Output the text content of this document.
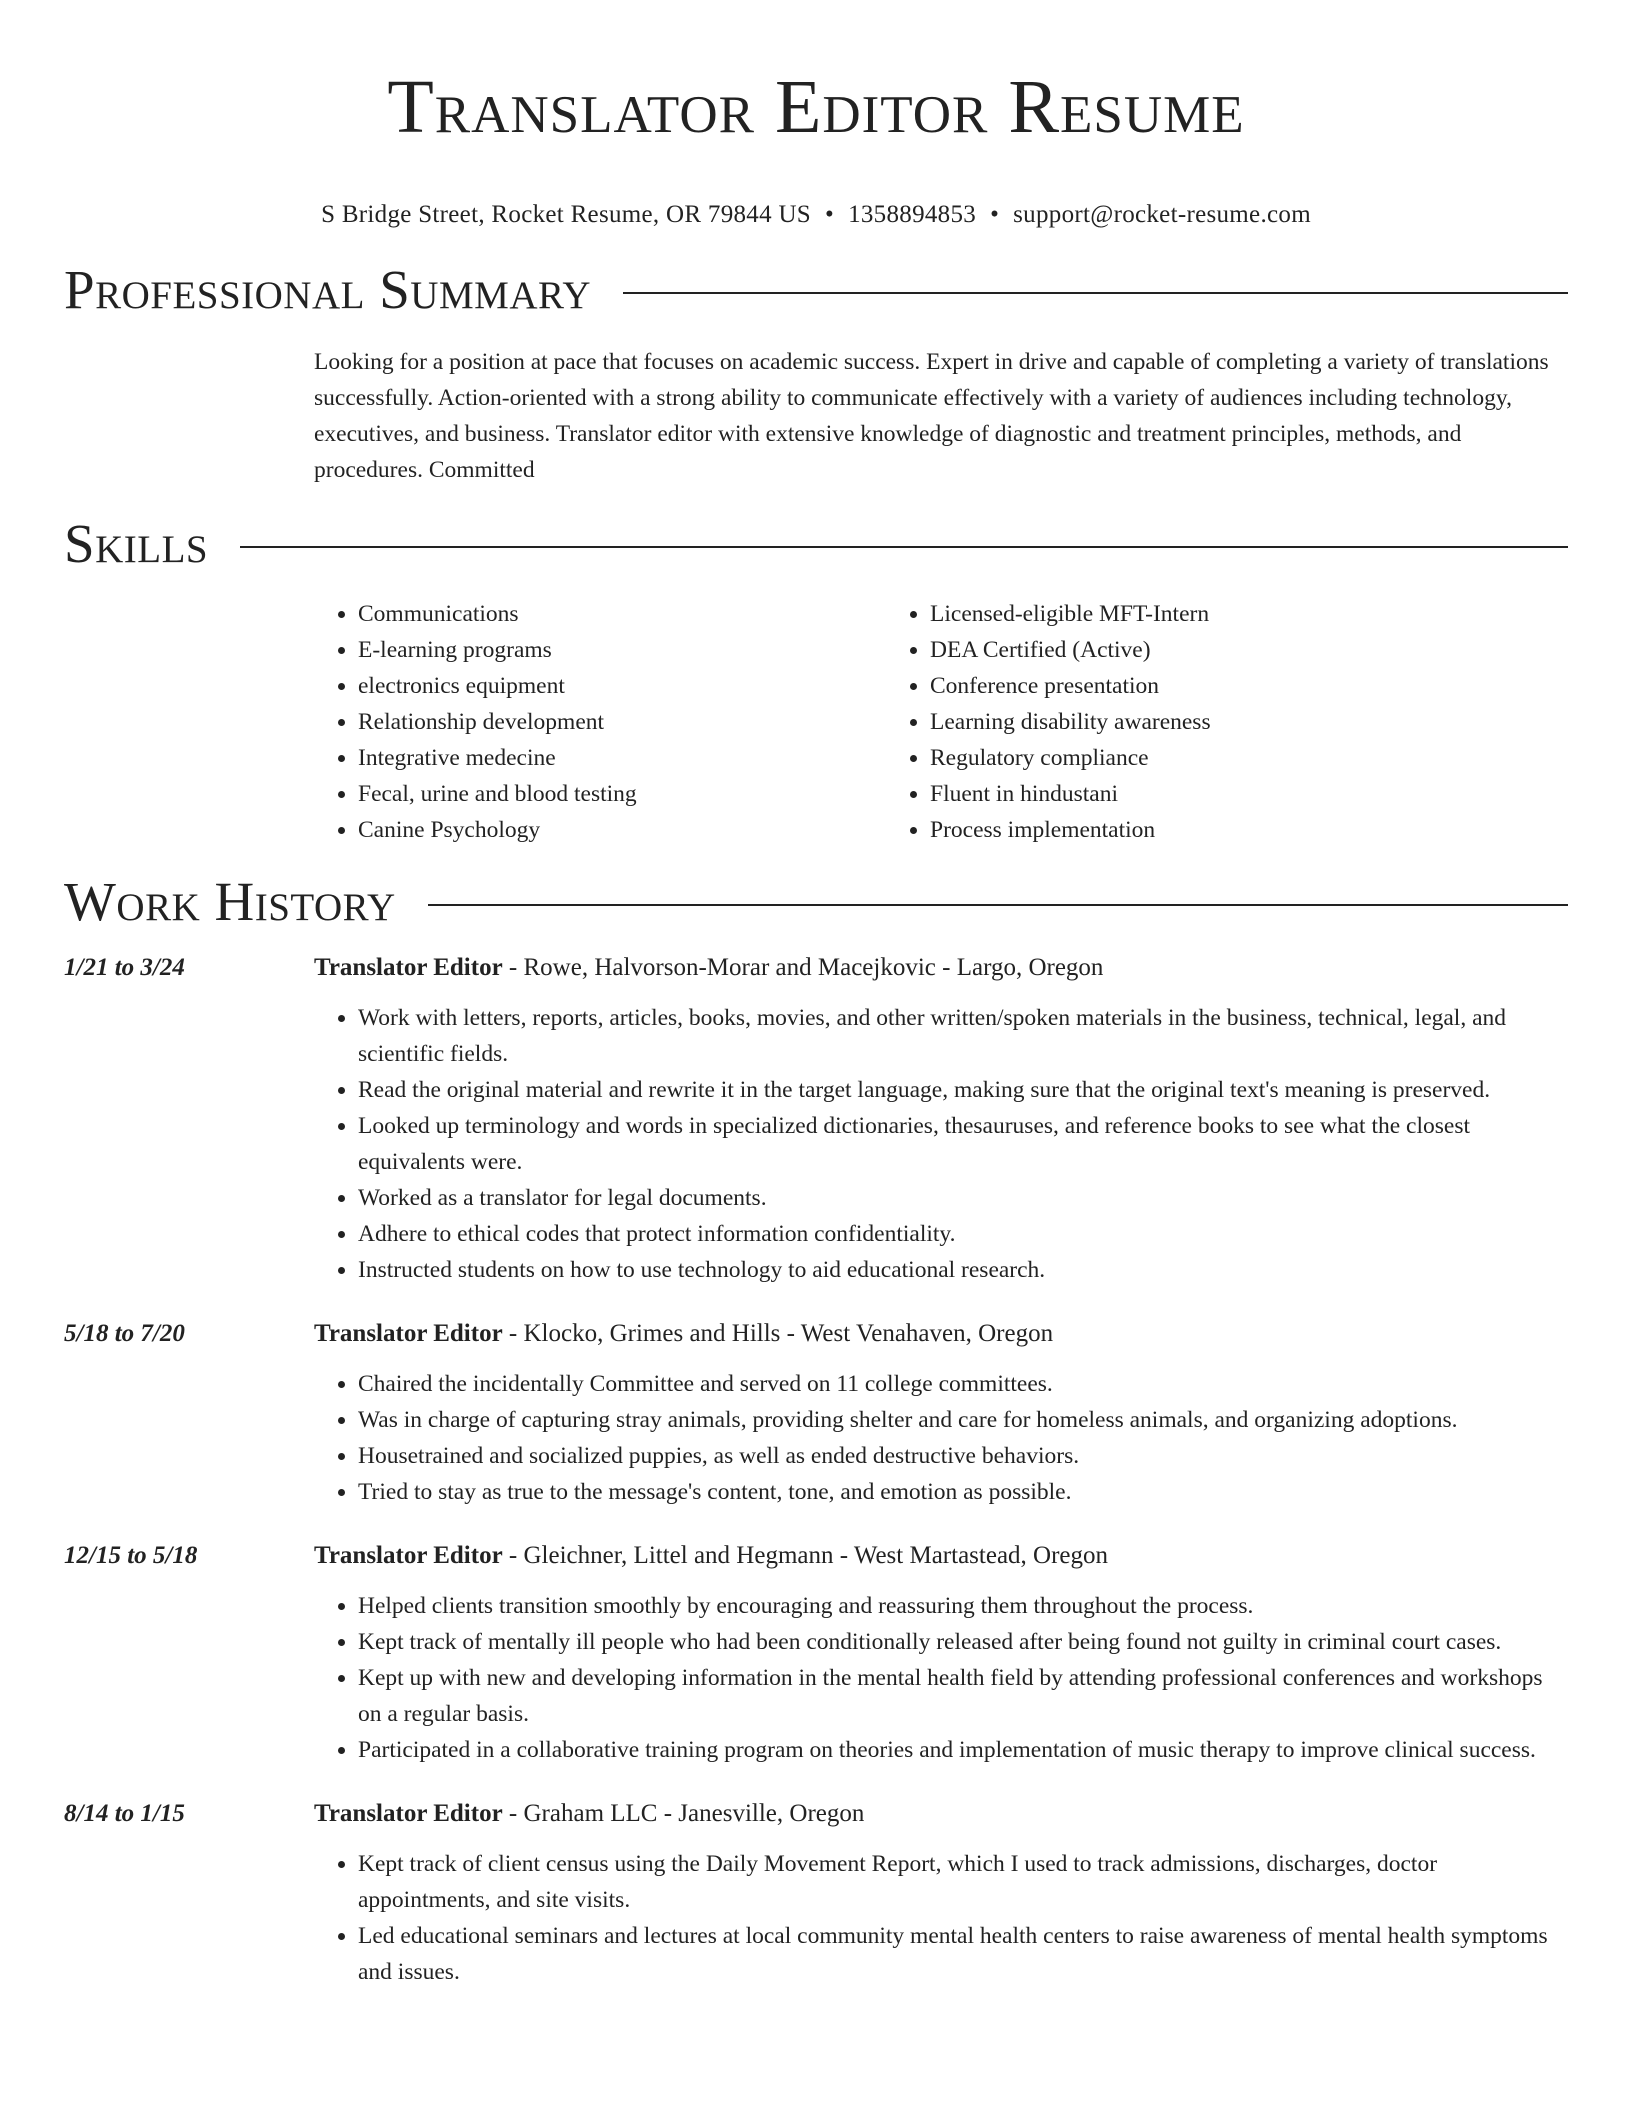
Translator Editor Resume
S Bridge Street, Rocket Resume, OR 79844 US • 1358894853 • support@rocket-resume.com
Professional Summary

Looking for a position at pace that focuses on academic success. Expert in drive and capable of completing a variety of translations successfully. Action-oriented with a strong ability to communicate effectively with a variety of audiences including technology, executives, and business. Translator editor with extensive knowledge of diagnostic and treatment principles, methods, and procedures. Committed

Skills
• Communications
• E-learning programs
• electronics equipment
• Relationship development
• Integrative medecine
• Fecal, urine and blood testing
• Canine Psychology
• Licensed-eligible MFT-Intern
• DEA Certified (Active)
• Conference presentation
• Learning disability awareness
• Regulatory compliance
• Fluent in hindustani
• Process implementation
Work History
1/21 to 3/24	Translator Editor - Rowe, Halvorson-Morar and Macejkovic - Largo, Oregon
• Work with letters, reports, articles, books, movies, and other written/spoken materials in the business, technical, legal, and scientific fields.
• Read the original material and rewrite it in the target language, making sure that the original text's meaning is preserved.
• Looked up terminology and words in specialized dictionaries, thesauruses, and reference books to see what the closest equivalents were.
• Worked as a translator for legal documents.
• Adhere to ethical codes that protect information confidentiality.
• Instructed students on how to use technology to aid educational research.
5/18 to 7/20	Translator Editor - Klocko, Grimes and Hills - West Venahaven, Oregon
• Chaired the incidentally Committee and served on 11 college committees.
• Was in charge of capturing stray animals, providing shelter and care for homeless animals, and organizing adoptions.
• Housetrained and socialized puppies, as well as ended destructive behaviors.
• Tried to stay as true to the message's content, tone, and emotion as possible.
12/15 to 5/18	Translator Editor - Gleichner, Littel and Hegmann - West Martastead, Oregon
• Helped clients transition smoothly by encouraging and reassuring them throughout the process.
• Kept track of mentally ill people who had been conditionally released after being found not guilty in criminal court cases.
• Kept up with new and developing information in the mental health field by attending professional conferences and workshops on a regular basis.
• Participated in a collaborative training program on theories and implementation of music therapy to improve clinical success.
8/14 to 1/15	Translator Editor - Graham LLC - Janesville, Oregon
• Kept track of client census using the Daily Movement Report, which I used to track admissions, discharges, doctor appointments, and site visits.
• Led educational seminars and lectures at local community mental health centers to raise awareness of mental health symptoms and issues.
